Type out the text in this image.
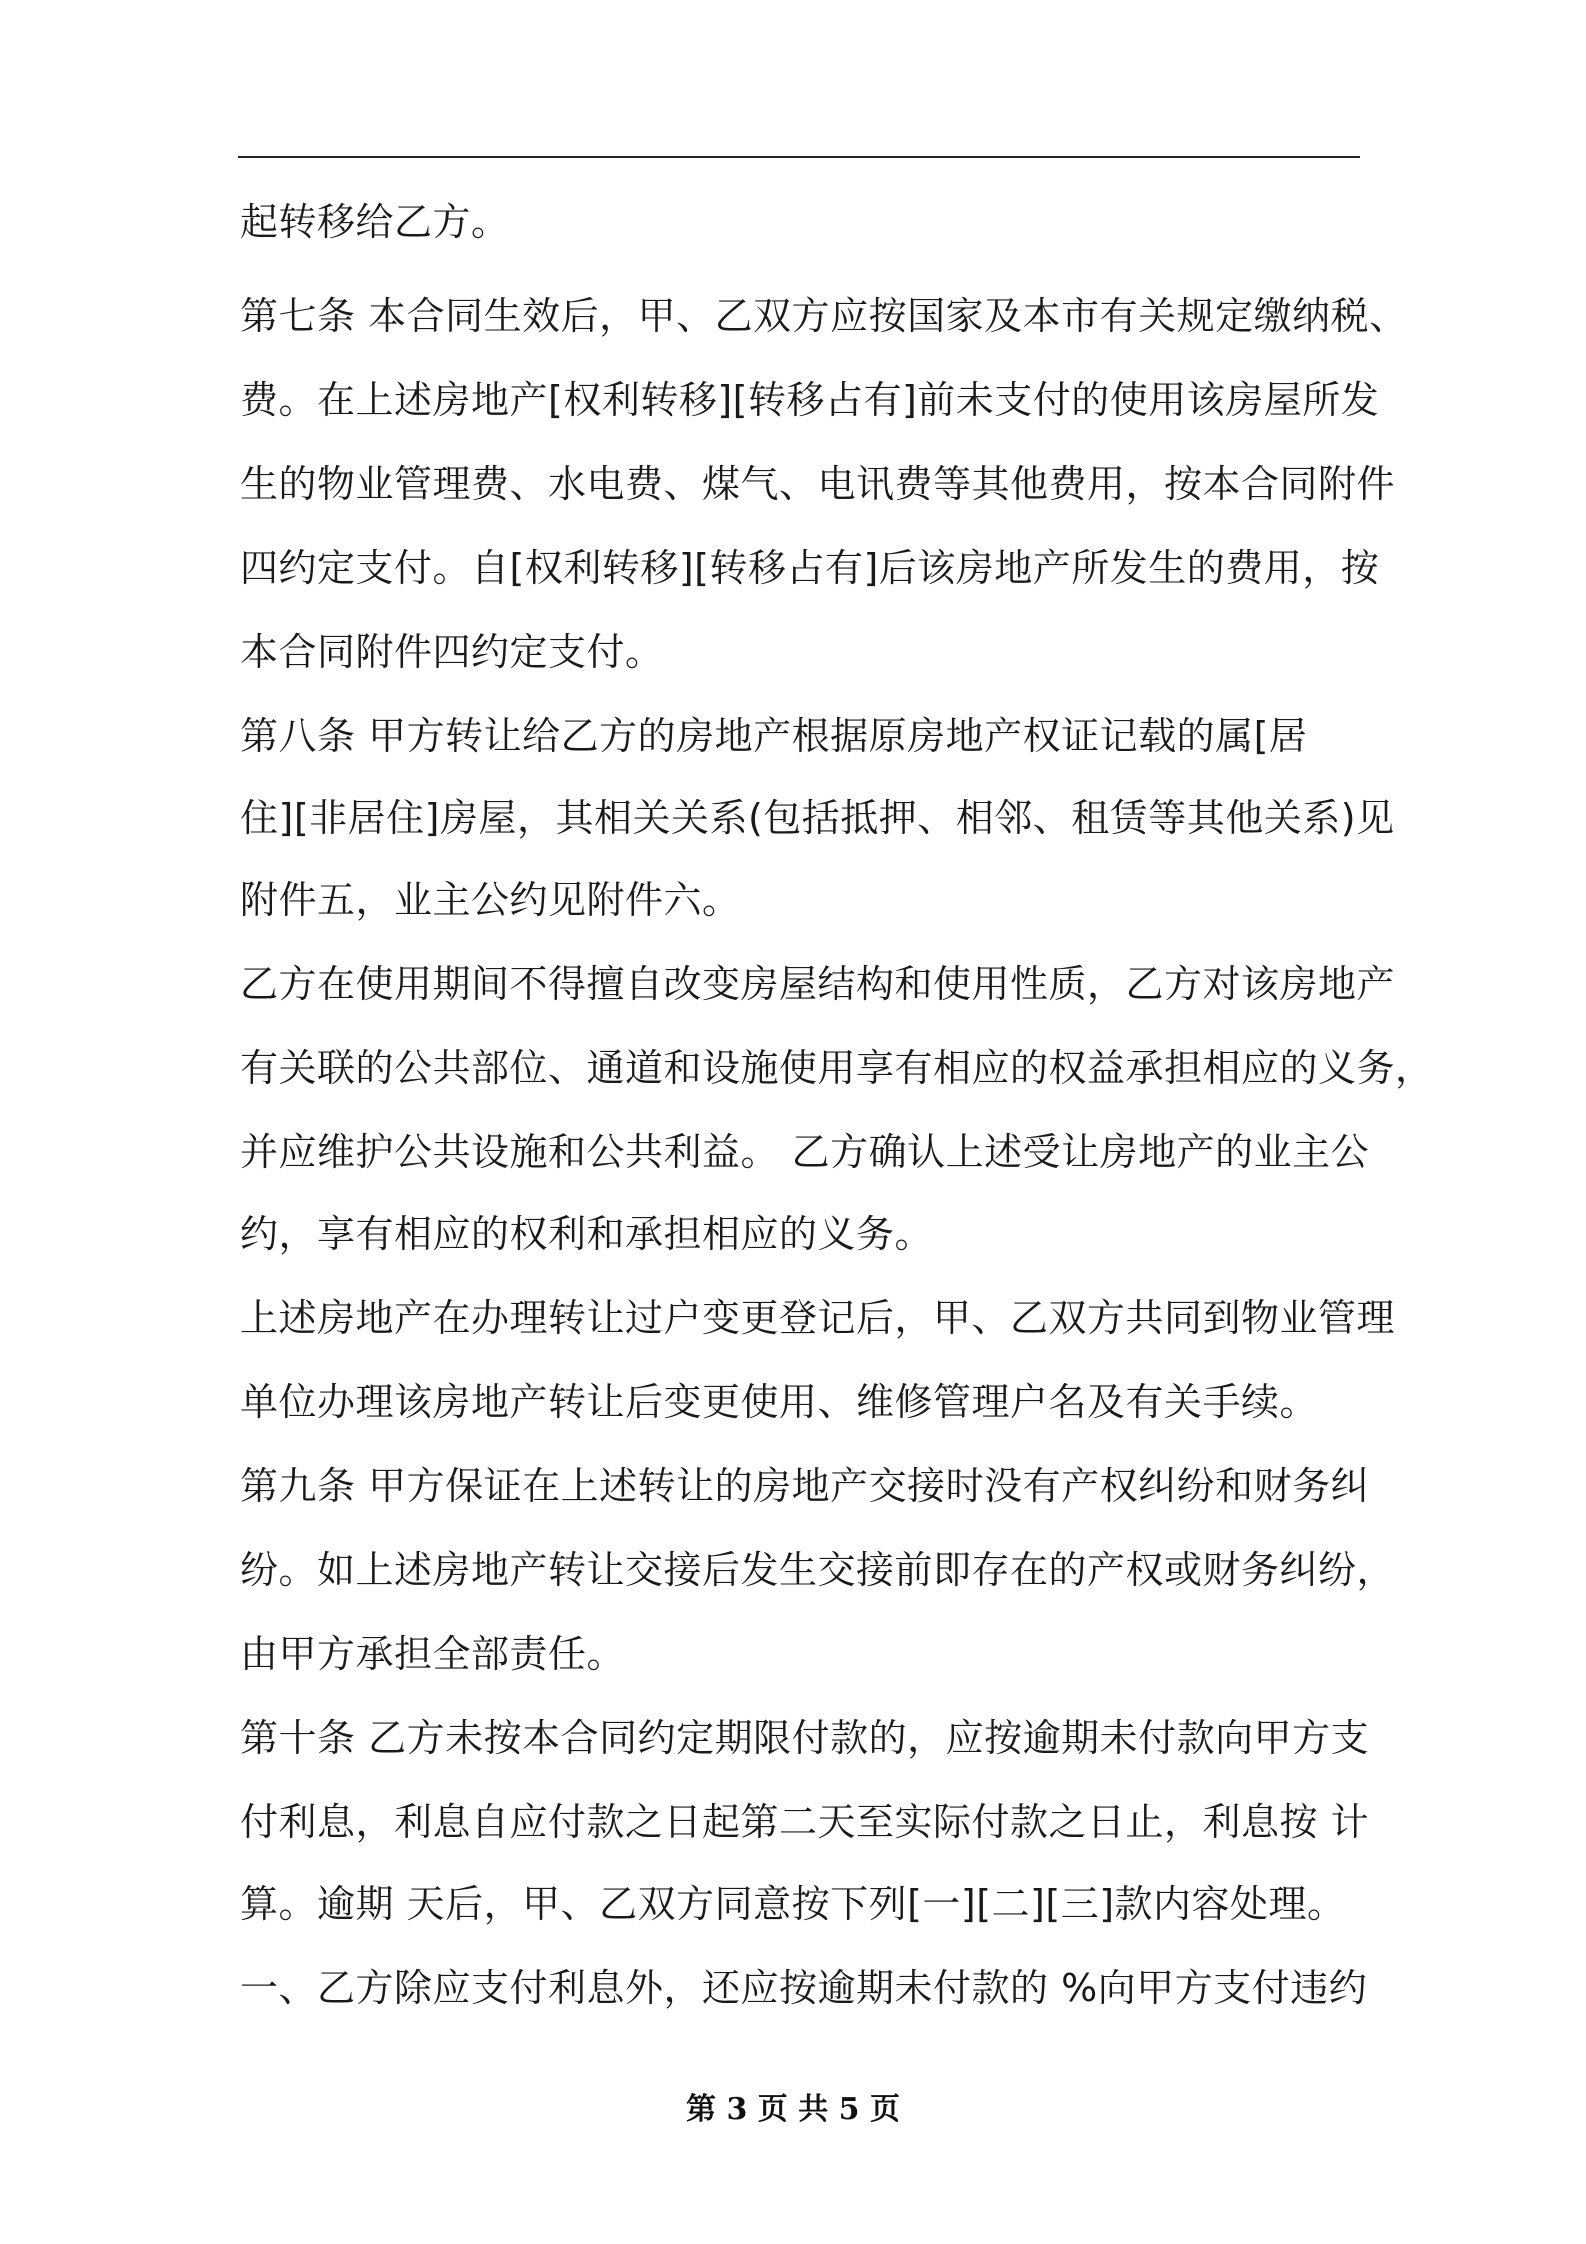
起转移给乙方。
第七条 本合同生效后，甲、乙双方应按国家及本市有关规定缴纳税、
费。在上述房地产[权利转移][转移占有]前未支付的使用该房屋所发
生的物业管理费、水电费、煤气、电讯费等其他费用，按本合同附件
四约定支付。自[权利转移][转移占有]后该房地产所发生的费用，按
本合同附件四约定支付。
第八条 甲方转让给乙方的房地产根据原房地产权证记载的属[居
住][非居住]房屋，其相关关系(包括抵押、相邻、租赁等其他关系)见
附件五，业主公约见附件六。
乙方在使用期间不得擅自改变房屋结构和使用性质，乙方对该房地产
有关联的公共部位、通道和设施使用享有相应的权益承担相应的义务，
并应维护公共设施和公共利益。 乙方确认上述受让房地产的业主公
约，享有相应的权利和承担相应的义务。
上述房地产在办理转让过户变更登记后，甲、乙双方共同到物业管理
单位办理该房地产转让后变更使用、维修管理户名及有关手续。
第九条 甲方保证在上述转让的房地产交接时没有产权纠纷和财务纠
纷。如上述房地产转让交接后发生交接前即存在的产权或财务纠纷，
由甲方承担全部责任。
第十条 乙方未按本合同约定期限付款的，应按逾期未付款向甲方支
付利息，利息自应付款之日起第二天至实际付款之日止，利息按 计
算。逾期 天后，甲、乙双方同意按下列[一][二][三]款内容处理。
一、乙方除应支付利息外，还应按逾期未付款的 %向甲方支付违约
第 3 页 共 5 页
